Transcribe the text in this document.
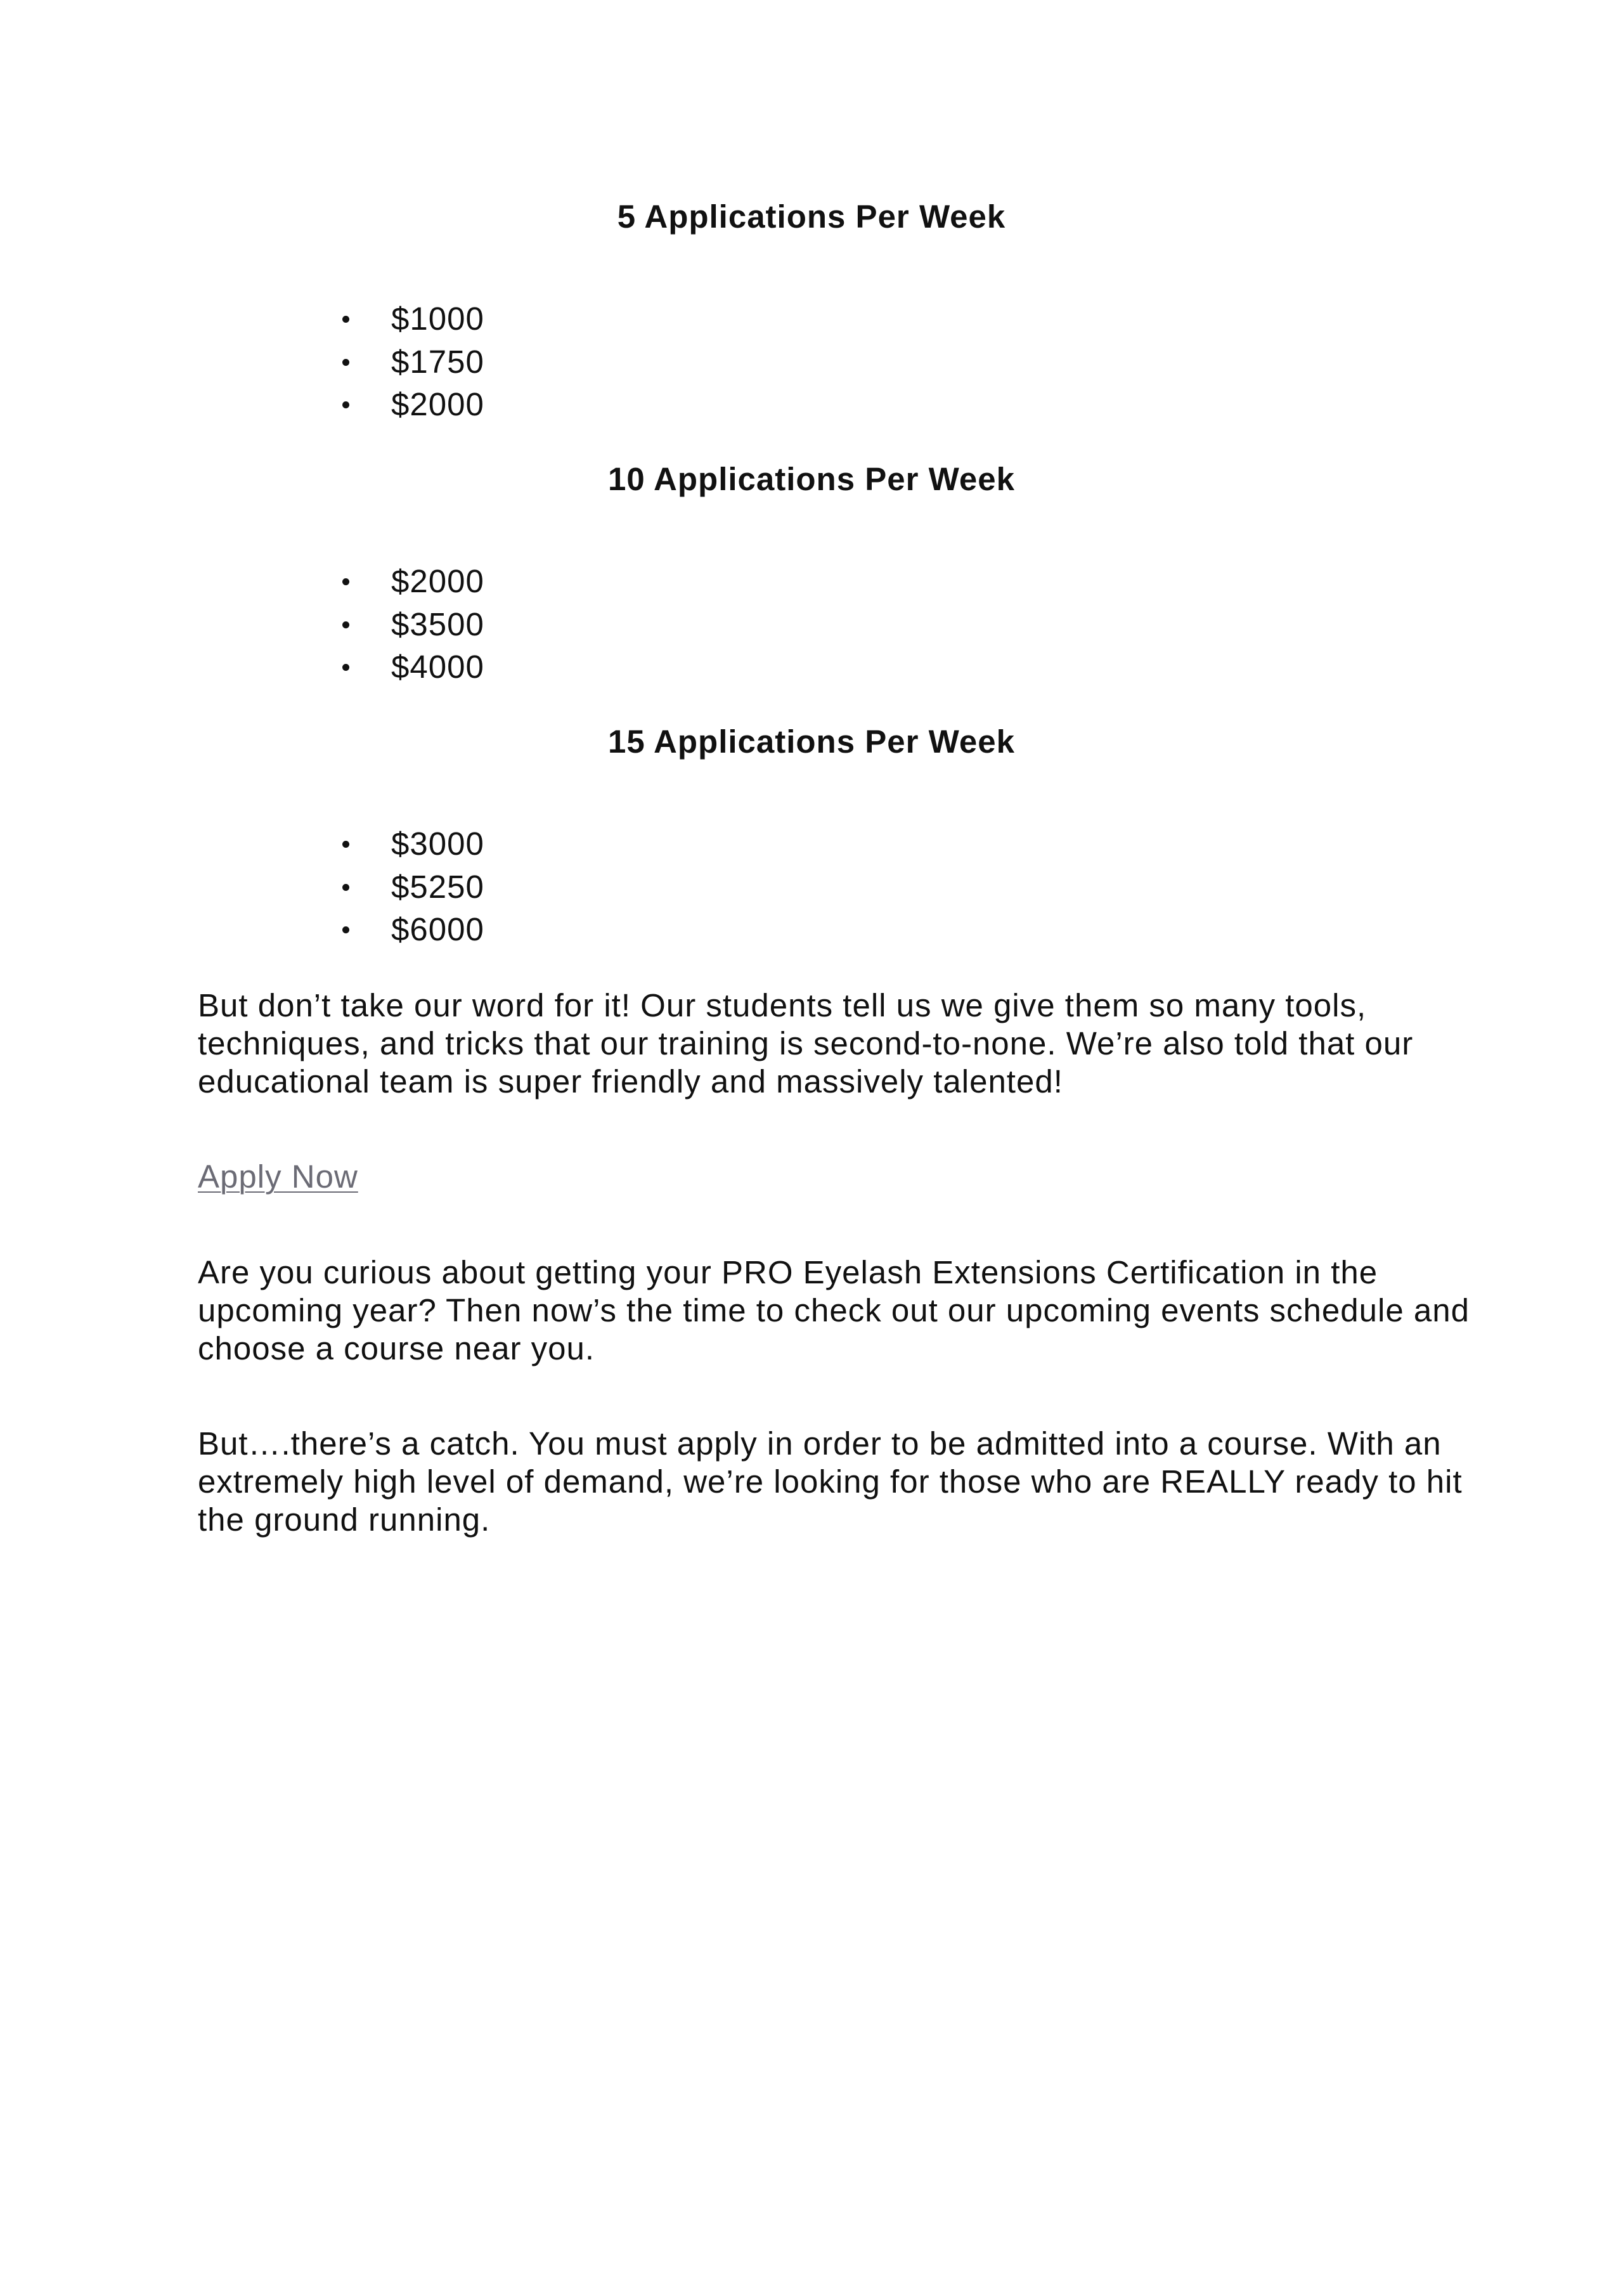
5 Applications Per Week
$1000
$1750
$2000
10 Applications Per Week
$2000
$3500
$4000
15 Applications Per Week
$3000
$5250
$6000

But don’t take our word for it! Our students tell us we give them so many tools, techniques, and tricks that our training is second-to-none. We’re also told that our educational team is super friendly and massively talented!

Apply Now

Are you curious about getting your PRO Eyelash Extensions Certification in the upcoming year? Then now’s the time to check out our upcoming events schedule and choose a course near you.

But….there’s a catch. You must apply in order to be admitted into a course. With an extremely high level of demand, we’re looking for those who are REALLY ready to hit the ground running.
